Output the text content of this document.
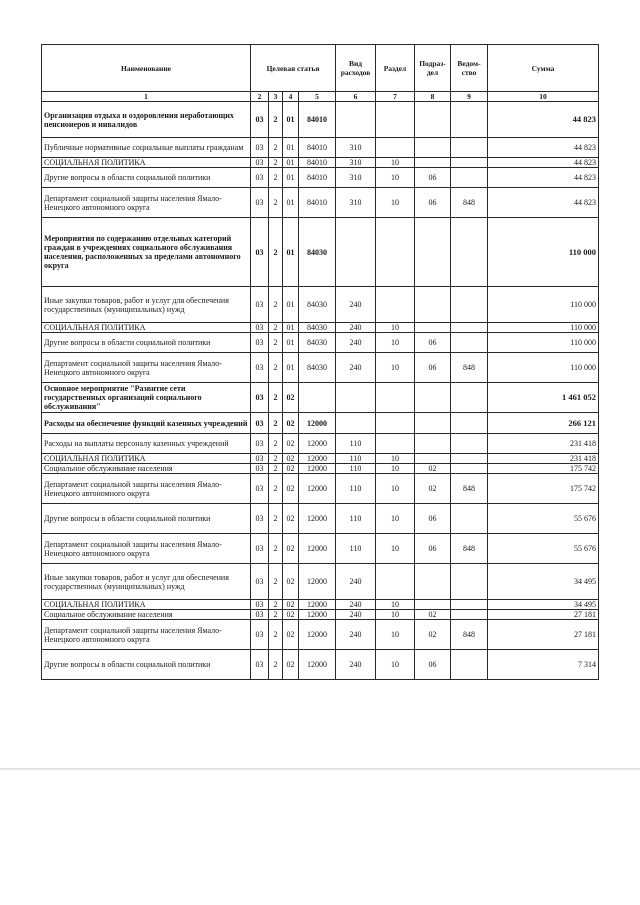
Наименование	Целевая статья				Вид расходов	Раздел	Подраз-дел	Ведом-ство	Сумма
1	2	3	4	5	6	7	8	9	10
Организация отдыха и оздоровления неработающих пенсионеров и инвалидов	03	2	01	84010					44 823
Публичные нормативные социальные выплаты гражданам	03	2	01	84010	310				44 823
СОЦИАЛЬНАЯ ПОЛИТИКА	03	2	01	84010	310	10			44 823
Другие вопросы в области социальной политики	03	2	01	84010	310	10	06		44 823
Департамент социальной защиты населения Ямало-Ненецкого автономного округа	03	2	01	84010	310	10	06	848	44 823
Мероприятия по содержанию отдельных категорий граждан в учреждениях социального обслуживания населения, расположенных за пределами автономного округа	03	2	01	84030					110 000
Иные закупки товаров, работ и услуг для обеспечения государственных (муниципальных) нужд	03	2	01	84030	240				110 000
СОЦИАЛЬНАЯ ПОЛИТИКА	03	2	01	84030	240	10			110 000
Другие вопросы в области социальной политики	03	2	01	84030	240	10	06		110 000
Департамент социальной защиты населения Ямало-Ненецкого автономного округа	03	2	01	84030	240	10	06	848	110 000
Основное мероприятие "Развитие сети государственных организаций социального обслуживания"	03	2	02						1 461 052
Расходы на обеспечение функций казенных учреждений	03	2	02	12000					266 121
Расходы на выплаты персоналу казенных учреждений	03	2	02	12000	110				231 418
СОЦИАЛЬНАЯ ПОЛИТИКА	03	2	02	12000	110	10			231 418
Социальное обслуживание населения	03	2	02	12000	110	10	02		175 742
Департамент социальной защиты населения Ямало-Ненецкого автономного округа	03	2	02	12000	110	10	02	848	175 742
Другие вопросы в области социальной политики	03	2	02	12000	110	10	06		55 676
Департамент социальной защиты населения Ямало-Ненецкого автономного округа	03	2	02	12000	110	10	06	848	55 676
Иные закупки товаров, работ и услуг для обеспечения государственных (муниципальных) нужд	03	2	02	12000	240				34 495
СОЦИАЛЬНАЯ ПОЛИТИКА	03	2	02	12000	240	10			34 495
Социальное обслуживание населения	03	2	02	12000	240	10	02		27 181
Департамент социальной защиты населения Ямало-Ненецкого автономного округа	03	2	02	12000	240	10	02	848	27 181
Другие вопросы в области социальной политики	03	2	02	12000	240	10	06		7 314
